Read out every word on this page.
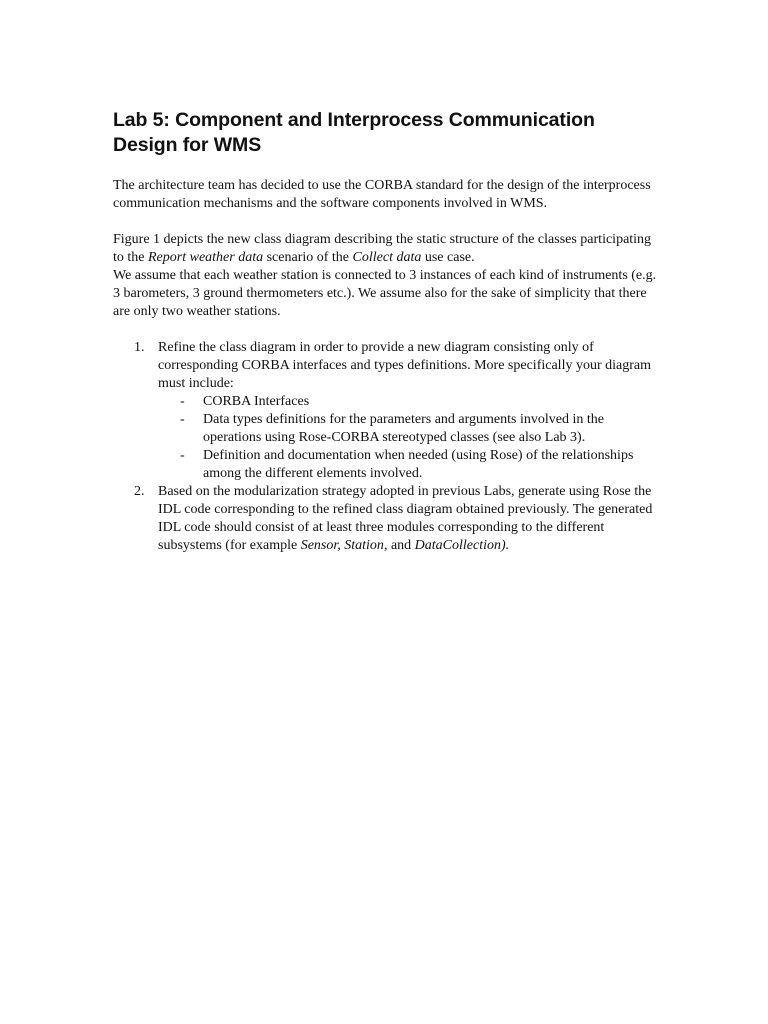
Lab 5: Component and Interprocess Communication Design for WMS

The architecture team has decided to use the CORBA standard for the design of the interprocess communication mechanisms and the software components involved in WMS.

Figure 1 depicts the new class diagram describing the static structure of the classes participating to the Report weather data scenario of the Collect data use case.

We assume that each weather station is connected to 3 instances of each kind of instruments (e.g. 3 barometers, 3 ground thermometers etc.). We assume also for the sake of simplicity that there are only two weather stations.

1. Refine the class diagram in order to provide a new diagram consisting only of corresponding CORBA interfaces and types definitions. More specifically your diagram must include:
- CORBA Interfaces
- Data types definitions for the parameters and arguments involved in the operations using Rose-CORBA stereotyped classes (see also Lab 3).
- Definition and documentation when needed (using Rose) of the relationships among the different elements involved.
2. Based on the modularization strategy adopted in previous Labs, generate using Rose the IDL code corresponding to the refined class diagram obtained previously. The generated IDL code should consist of at least three modules corresponding to the different subsystems (for example Sensor, Station, and DataCollection).
